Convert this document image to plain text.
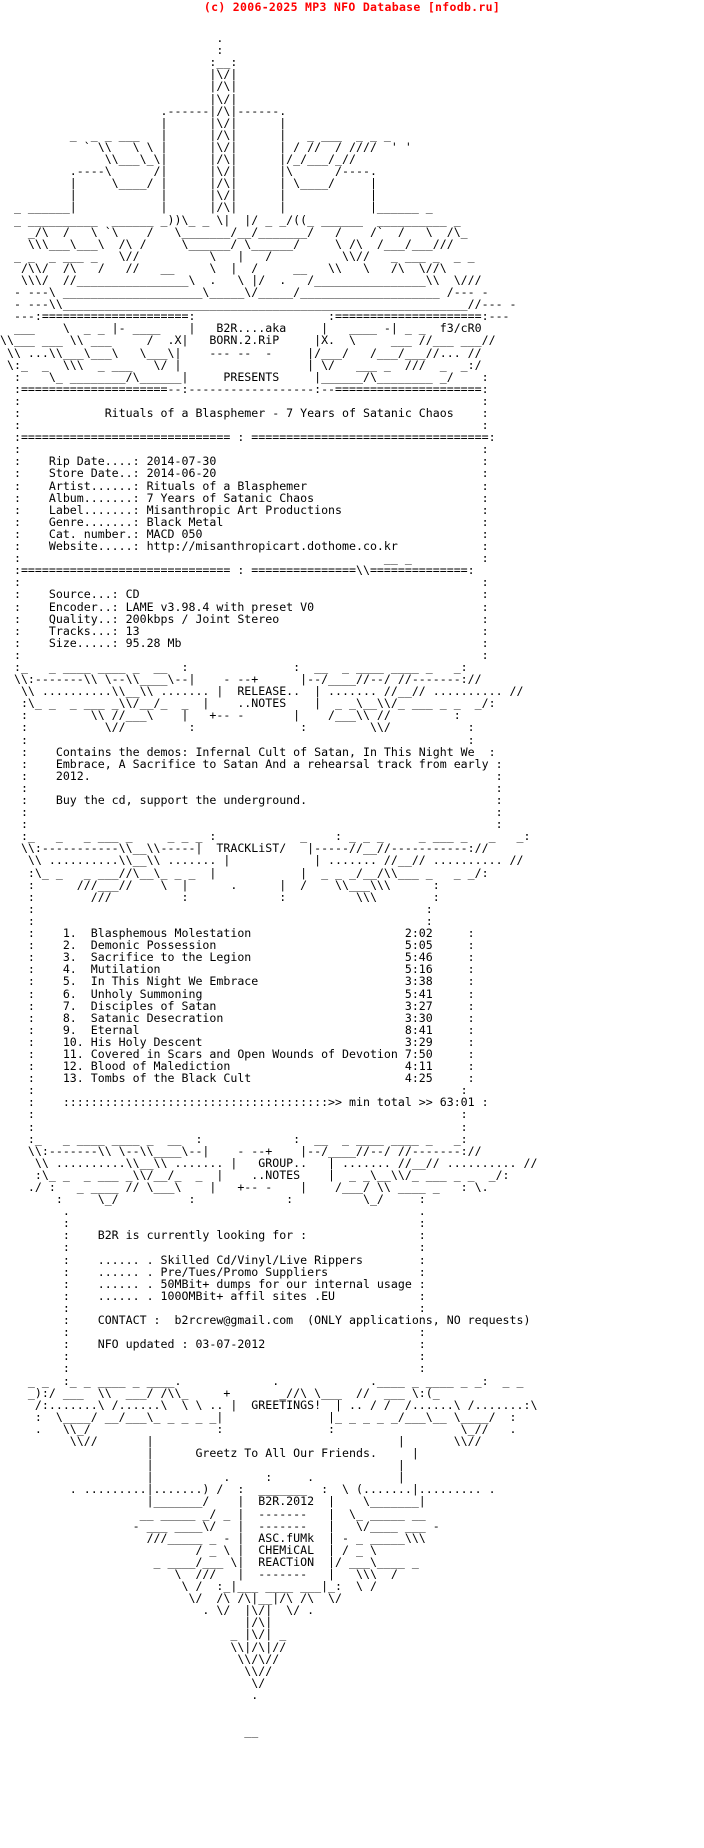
(c) 2006-2025 MP3 NFO Database [nfodb.ru]

.
:
:__:
|\/|
|/\|
|\/|
.------|/\|------.
|      |\/|      |
_  _ _ ___   |      |/\|      |   _ ___  _ _ _
` \\   \ \ |      |\/|      | / //  / ////  ' '
\\___\_\|      |/\|      |/_/___/_//
.----\      /|      |\/|      |\      /----.
|     \____/ |      |/\|      | \____/     |
|            |      |\/|      |            |
_ ______|            |      |/\|      |            |______ _
_ __________  ______ _))\_ _ \|  |/ _ _/((_ ______  __________ _
_/\  /   \ `\    /   \_______/__/_______/   /    /`  /   \  /\_
\\\___\___\  /\ /     \______/ \______/     \ /\  /___/___///
_ _  _ ___ _   \//          \   |   /          \\//   _ ___ _  _ _
/\\/  /\   /   //   __     \  |  /     __   \\   \   /\  \//\
\\\/  //________________\  .   \ |/  .   /________________\\  \///
- ---\ ____________________\_____\/_____/____________________ /--- -
- ---\\__________________________________________________________//--- -
---:=====================:                   :=====================:---
___    \  _ _ |- ____    |   B2R....aka     |   ____ -| _ _  f3/cR0
\\___ ___ \\ ___     /  .X|   BORN.2.RiP     |X.  \     ___ //___ ___//
\\ ...\\___\___\   \___\|    --- --  -     |/___/   /___/___//... //
\:_  _  \\\  _ ___   \/ |                  | \/   ___ _  ///  _  _:/
:    \_ ________/\______|     PRESENTS     |______/\________ _/    :
:=====================--:------------------:--=====================:
:                                                                  :
:            Rituals of a Blasphemer - 7 Years of Satanic Chaos    :
:                                                                  :
:============================== : ==================================:
:                                                                  :
:    Rip Date....: 2014-07-30                                      :
:    Store Date..: 2014-06-20                                      :
:    Artist......: Rituals of a Blasphemer                         :
:    Album.......: 7 Years of Satanic Chaos                        :
:    Label.......: Misanthropic Art Productions                    :
:    Genre.......: Black Metal                                     :
:    Cat. number.: MACD 050                                        :
:    Website.....: http://misanthropicart.dothome.co.kr            :
:                                                    __ _          :
:============================== : ===============\\==============:
:                                                                  :
:    Source...: CD                                                 :
:    Encoder..: LAME v3.98.4 with preset V0                        :
:    Quality..: 200kbps / Joint Stereo                             :
:    Tracks...: 13                                                 :
:    Size.....: 95.28 Mb                                           :
:                                                                  :
:_   _ ____ ____ _  __  :               :  __  _ ____ ____ _   _:
\\:-------\\ \--\\____\--|    - --+      |--/____//--/ //-------://
\\ ..........\\__\\ ....... |  RELEASE..  | ....... //__// .......... //
:\_ _  _ ___ _\\/__/_  _  |    ..NOTES    |  _ _\__\\/_ ___ _ _  _/:
:         \\ //___\    |   +-- -       |    /___\\ //         :
:           \//         :               :         \\/           :
:                                                               :
:    Contains the demos: Infernal Cult of Satan, In This Night We  :
:    Embrace, A Sacrifice to Satan And a rehearsal track from early :
:    2012.                                                          :
:                                                                   :
:    Buy the cd, support the underground.                           :
:                                                                   :
:                                                                   :
:_   _   _ ___ _     _ _ _ :            _    : _ _ _     _ ___ _   _   _:
\\:-----------\\__\\-----|  TRACKLiST/   |-----//__//-----------://
\\ ..........\\__\\ ....... |            | ....... //__// .......... //
:\_ _   _ ___//\__\_ _ _  |            |  _ _ _/__/\\___ _   _ _/:
:      ///___//    \  |      .      |  /    \\___\\\      :
:        ///          :             :          \\\        :
:                                                        :
:                                                        :
:    1.  Blasphemous Molestation                      2:02     :
:    2.  Demonic Possession                           5:05     :
:    3.  Sacrifice to the Legion                      5:46     :
:    4.  Mutilation                                   5:16     :
:    5.  In This Night We Embrace                     3:38     :
:    6.  Unholy Summoning                             5:41     :
:    7.  Disciples of Satan                           3:27     :
:    8.  Satanic Desecration                          3:30     :
:    9.  Eternal                                      8:41     :
:    10. His Holy Descent                             3:29     :
:    11. Covered in Scars and Open Wounds of Devotion 7:50     :
:    12. Blood of Malediction                         4:11     :
:    13. Tombs of the Black Cult                      4:25     :
:                                                             :
:    ::::::::::::::::::::::::::::::::::::::>> min total >> 63:01 :
:                                                             :
:                                                             :
:_   _ ____ ____ _  __  :             :  __  _ ____ ____ _   _:
\\:-------\\ \--\\____\--|    - --+    |--/____//--/ //-------://
\\ ..........\\__\\ ....... |   GROUP..   | ....... //__// .......... //
:\_ _  _ ___ _\\/__/_  _  |    ..NOTES    |  _ _\__\\/_ ___ _ _  _/:
./ :   _ ____ // \___\    |   +-- -    |    /___/ \\ ____ _   : \.
:     \_/          :             :          \_/     :
.                                                  .
:                                                  :
:    B2R is currently looking for :                :
:                                                  :
:    ...... . Skilled Cd/Vinyl/Live Rippers        :
:    ...... . Pre/Tues/Promo Suppliers             :
:    ...... . 50MBit+ dumps for our internal usage :
:    ...... . 100OMBit+ affil sites .EU            :
:                                                  :
:    CONTACT :  b2rcrew@gmail.com  (ONLY applications, NO requests)
:                                                  :
:    NFO updated : 03-07-2012                      :
:                                                  :
:                                                  :
_ _  :_ _ ____ _ ____.             .             .____ _ ____ _ _:  _ _
_):/ ___  \\  ___/ /\\_     +       _//\ \___  //  ___ \:(_
/:.......\ /......\  \ \ .. |  GREETINGS!  | .. / /  /......\ /.......:\
:  \____/ __/___\_ _ _ _ _|               |_ _ _ _ _/___\__ \____/  :
.   \\_/                  :               :                  \_//   .
\\//       |                                   |       \\//
|      Greetz To All Our Friends.     |
|                                   |
|          .     :     .            |
. .........|.......) /  :  _______  :  \ (.......|......... .
|_______/    |  B2R.2012  |    \_______|
__ _____ _/ _ |  -------   |  \_ _____ __
- ___ ____\/   |  -------   |   \/____ ___ -
///_____ _ - |  ASC.fUMk  | - _ _____\\\
/ _ \ |  CHEMiCAL  | / _ \
_ ____/___ \|  REACTiON  |/ ___\____ _
\  ///   |  -------   |   \\\  /
\ /  :_|___ ____ ___|_:  \ /
\/  /\ /\|__|/\ /\  \/
. \/  |\/|  \/ .
|/\|
_ |\/| _
\\|/\|//
\\/\//
\\//
\/
.

__
